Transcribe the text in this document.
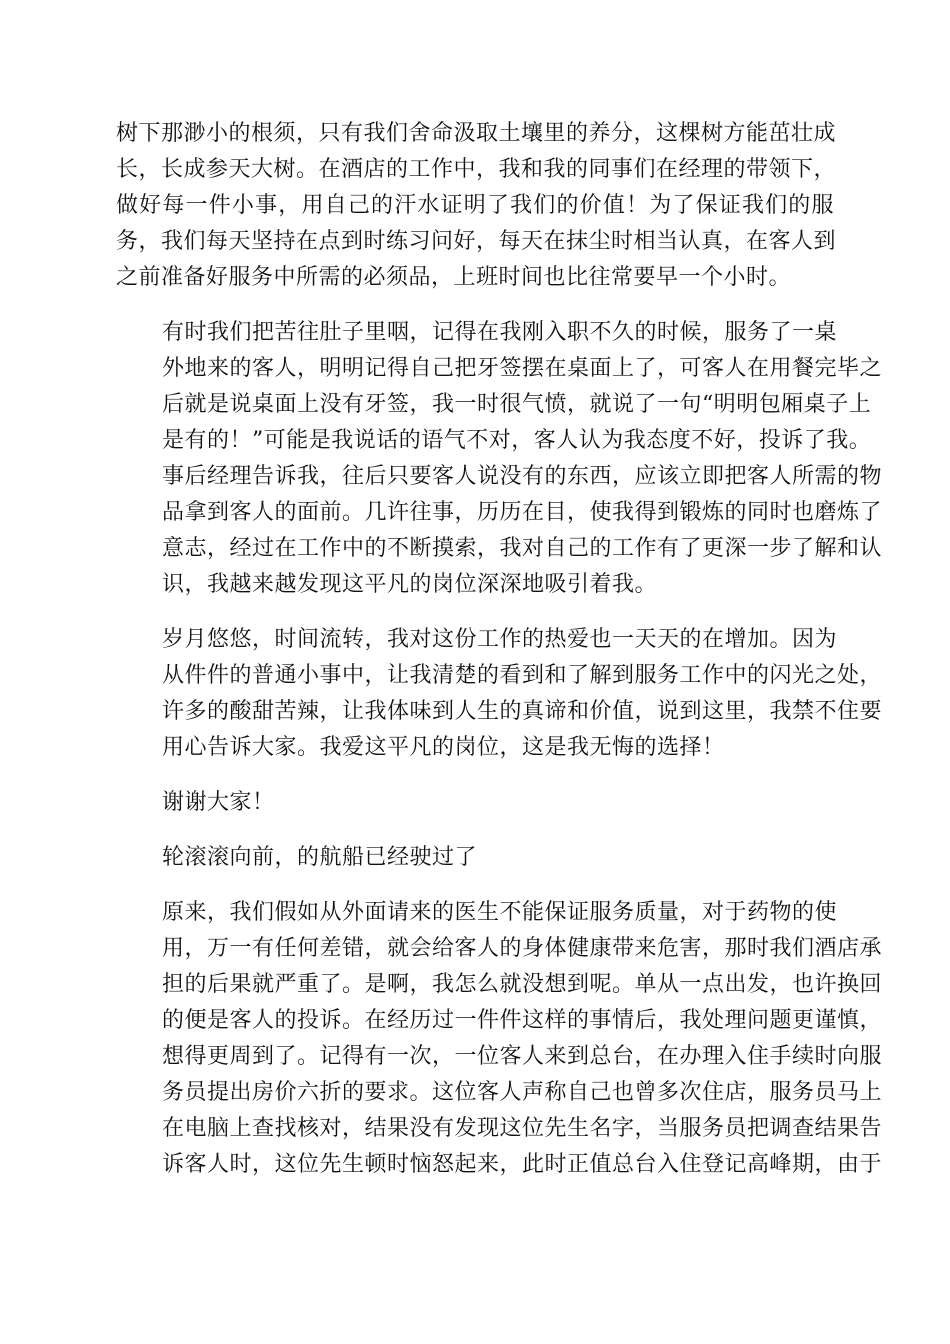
树下那渺小的根须，只有我们舍命汲取土壤里的养分，这棵树方能茁壮成
长，长成参天大树。在酒店的工作中，我和我的同事们在经理的带领下，
做好每一件小事，用自己的汗水证明了我们的价值！为了保证我们的服
务，我们每天坚持在点到时练习问好，每天在抹尘时相当认真，在客人到
之前准备好服务中所需的必须品，上班时间也比往常要早一个小时。

有时我们把苦往肚子里咽，记得在我刚入职不久的时候，服务了一桌
外地来的客人，明明记得自己把牙签摆在桌面上了，可客人在用餐完毕之
后就是说桌面上没有牙签，我一时很气愤，就说了一句“明明包厢桌子上
是有的！”可能是我说话的语气不对，客人认为我态度不好，投诉了我。
事后经理告诉我，往后只要客人说没有的东西，应该立即把客人所需的物
品拿到客人的面前。几许往事，历历在目，使我得到锻炼的同时也磨炼了
意志，经过在工作中的不断摸索，我对自己的工作有了更深一步了解和认
识，我越来越发现这平凡的岗位深深地吸引着我。

岁月悠悠，时间流转，我对这份工作的热爱也一天天的在增加。因为
从件件的普通小事中，让我清楚的看到和了解到服务工作中的闪光之处，
许多的酸甜苦辣，让我体味到人生的真谛和价值，说到这里，我禁不住要
用心告诉大家。我爱这平凡的岗位，这是我无悔的选择！

谢谢大家！

轮滚滚向前，的航船已经驶过了

原来，我们假如从外面请来的医生不能保证服务质量，对于药物的使
用，万一有任何差错，就会给客人的身体健康带来危害，那时我们酒店承
担的后果就严重了。是啊，我怎么就没想到呢。单从一点出发，也许换回
的便是客人的投诉。在经历过一件件这样的事情后，我处理问题更谨慎，
想得更周到了。记得有一次，一位客人来到总台，在办理入住手续时向服
务员提出房价六折的要求。这位客人声称自己也曾多次住店，服务员马上
在电脑上查找核对，结果没有发现这位先生名字，当服务员把调查结果告
诉客人时，这位先生顿时恼怒起来，此时正值总台入住登记高峰期，由于
